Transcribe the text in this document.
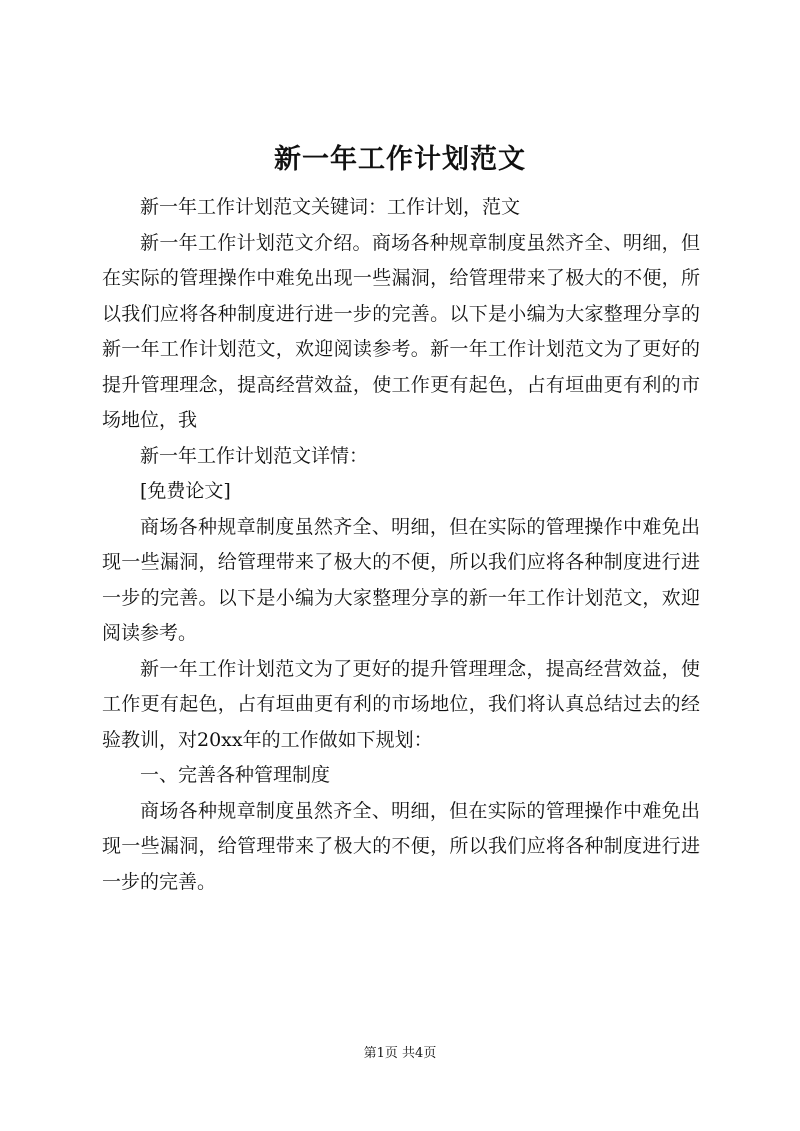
新一年工作计划范文

新一年工作计划范文关键词：工作计划，范文

新一年工作计划范文介绍。商场各种规章制度虽然齐全、明细，但在实际的管理操作中难免出现一些漏洞，给管理带来了极大的不便，所以我们应将各种制度进行进一步的完善。以下是小编为大家整理分享的新一年工作计划范文，欢迎阅读参考。新一年工作计划范文为了更好的提升管理理念，提高经营效益，使工作更有起色，占有垣曲更有利的市场地位，我

新一年工作计划范文详情：

[免费论文]

商场各种规章制度虽然齐全、明细，但在实际的管理操作中难免出现一些漏洞，给管理带来了极大的不便，所以我们应将各种制度进行进一步的完善。以下是小编为大家整理分享的新一年工作计划范文，欢迎阅读参考。

新一年工作计划范文为了更好的提升管理理念，提高经营效益，使工作更有起色，占有垣曲更有利的市场地位，我们将认真总结过去的经验教训，对20xx年的工作做如下规划：

一、完善各种管理制度

商场各种规章制度虽然齐全、明细，但在实际的管理操作中难免出现一些漏洞，给管理带来了极大的不便，所以我们应将各种制度进行进一步的完善。

第1页 共4页
